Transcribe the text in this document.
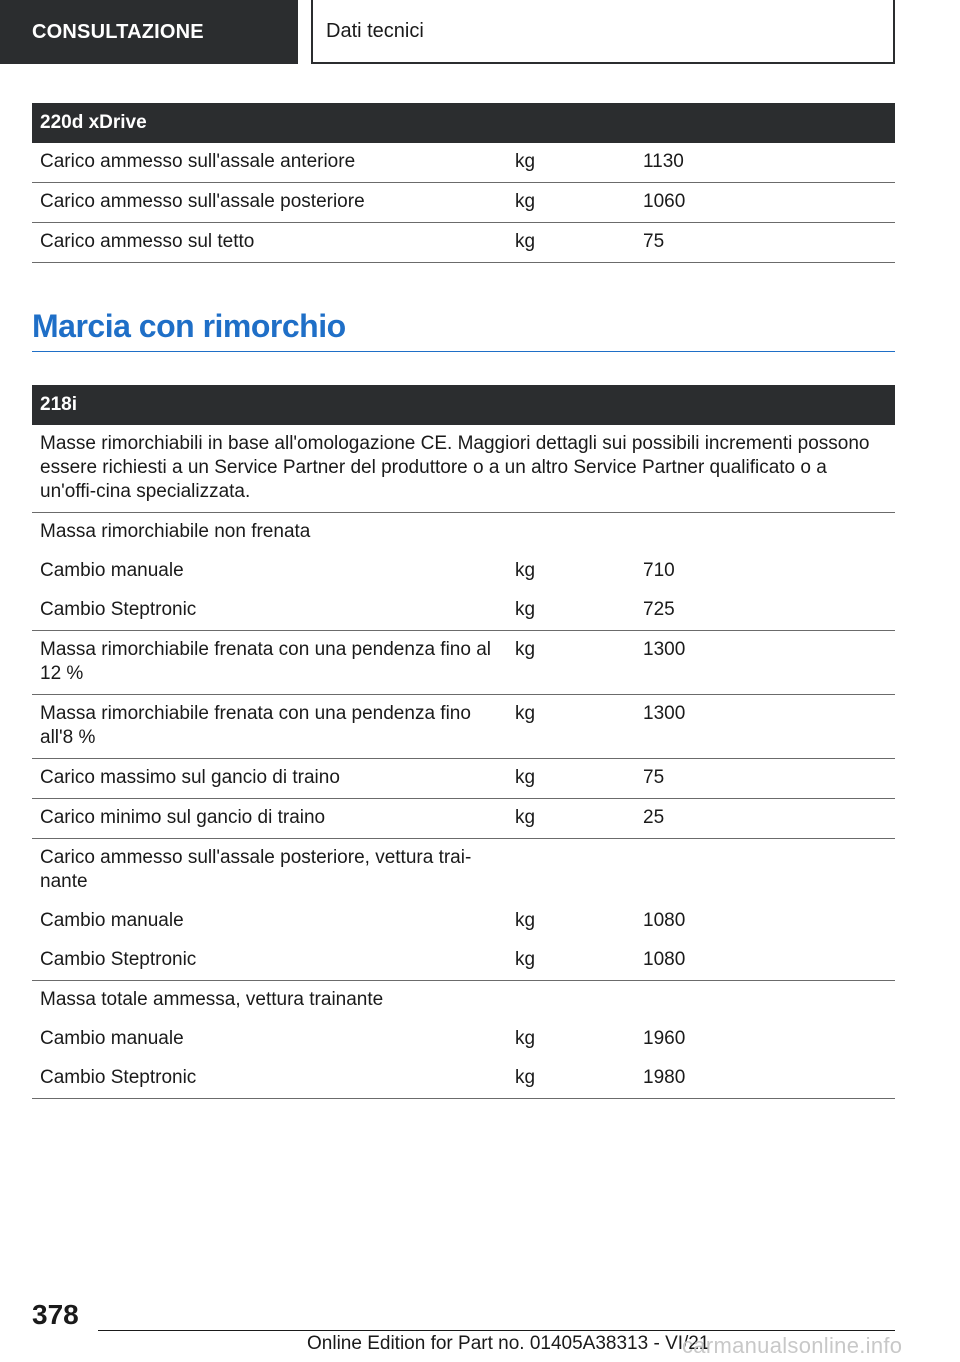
CONSULTAZIONE	Dati tecnici
220d xDrive		
Carico ammesso sull'assale anteriore	kg	1130
Carico ammesso sull'assale posteriore	kg	1060
Carico ammesso sul tetto	kg	75
Marcia con rimorchio
218i		
Masse rimorchiabili in base all'omologazione CE. Maggiori dettagli sui possibili incrementi possono essere richiesti a un Service Partner del produttore o a un altro Service Partner qualificato o a un'offi-cina specializzata.		
Massa rimorchiabile non frenata		
Cambio manuale	kg	710
Cambio Steptronic	kg	725
Massa rimorchiabile frenata con una pendenza fino al 12 %	kg	1300
Massa rimorchiabile frenata con una pendenza fino all'8 %	kg	1300
Carico massimo sul gancio di traino	kg	75
Carico minimo sul gancio di traino	kg	25
Carico ammesso sull'assale posteriore, vettura trai-nante		
Cambio manuale	kg	1080
Cambio Steptronic	kg	1080
Massa totale ammessa, vettura trainante		
Cambio manuale	kg	1960
Cambio Steptronic	kg	1980
378
Online Edition for Part no. 01405A38313 - VI/21
carmanualsonline.info
